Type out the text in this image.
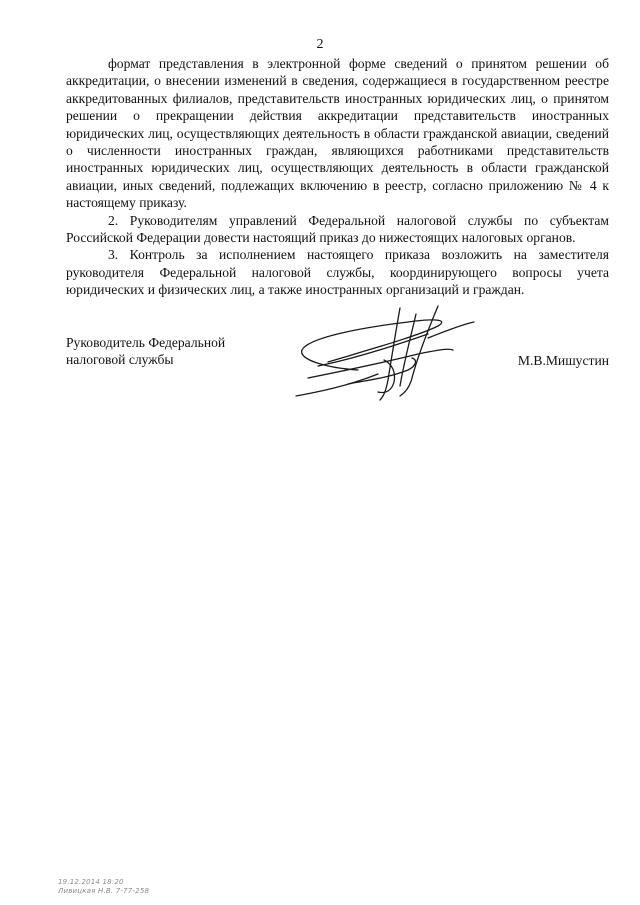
2

формат представления в электронной форме сведений о принятом решении об аккредитации, о внесении изменений в сведения, содержащиеся в государственном реестре аккредитованных филиалов, представительств иностранных юридических лиц, о принятом решении о прекращении действия аккредитации представительств иностранных юридических лиц, осуществляющих деятельность в области гражданской авиации, сведений о численности иностранных граждан, являющихся работниками представительств иностранных юридических лиц, осуществляющих деятельность в области гражданской авиации, иных сведений, подлежащих включению в реестр, согласно приложению № 4 к настоящему приказу.

2. Руководителям управлений Федеральной налоговой службы по субъектам Российской Федерации довести настоящий приказ до нижестоящих налоговых органов.

3. Контроль за исполнением настоящего приказа возложить на заместителя руководителя Федеральной налоговой службы, координирующего вопросы учета юридических и физических лиц, а также иностранных организаций и граждан.

Руководитель Федеральной
налоговой службы	М.В.Мишустин
19.12.2014 18:20
Ливицкая Н.В. 7-77-258
